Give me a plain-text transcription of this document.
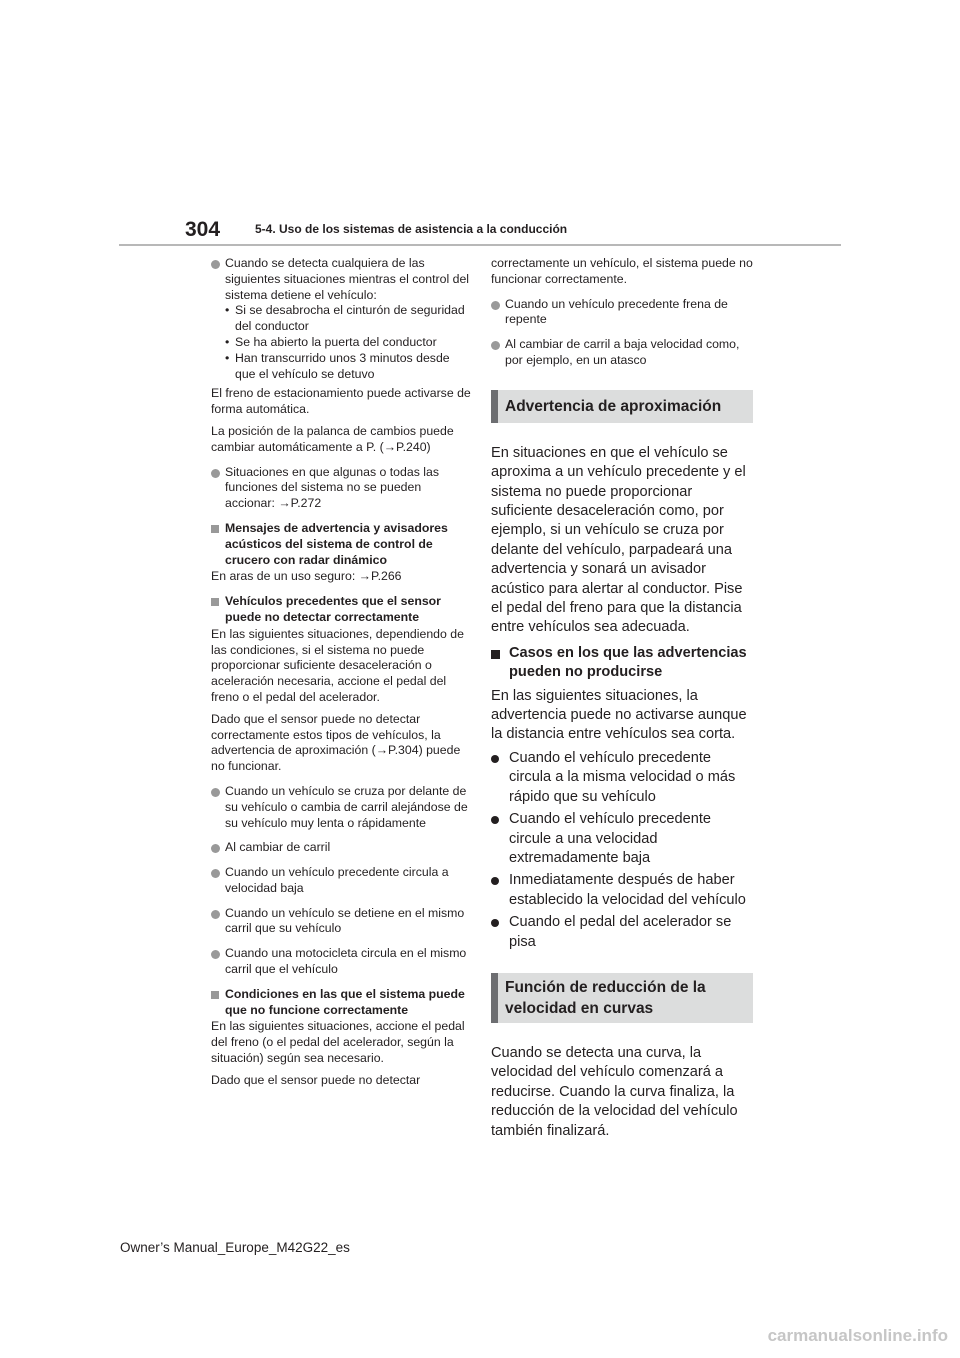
304	5-4. Uso de los sistemas de asistencia a la conducción
Cuando se detecta cualquiera de las siguientes situaciones mientras el control del sistema detiene el vehículo:
• Si se desabrocha el cinturón de seguridad del conductor
• Se ha abierto la puerta del conductor
• Han transcurrido unos 3 minutos desde que el vehículo se detuvo

El freno de estacionamiento puede activarse de forma automática.

La posición de la palanca de cambios puede cambiar automáticamente a P. (→P.240)

Situaciones en que algunas o todas las funciones del sistema no se pueden accionar: →P.272
Mensajes de advertencia y avisadores acústicos del sistema de control de crucero con radar dinámico

En aras de un uso seguro: →P.266

Vehículos precedentes que el sensor puede no detectar correctamente

En las siguientes situaciones, dependiendo de las condiciones, si el sistema no puede proporcionar suficiente desaceleración o aceleración necesaria, accione el pedal del freno o el pedal del acelerador.

Dado que el sensor puede no detectar correctamente estos tipos de vehículos, la advertencia de aproximación (→P.304) puede no funcionar.

Cuando un vehículo se cruza por delante de su vehículo o cambia de carril alejándose de su vehículo muy lenta o rápidamente
Al cambiar de carril
Cuando un vehículo precedente circula a velocidad baja
Cuando un vehículo se detiene en el mismo carril que su vehículo
Cuando una motocicleta circula en el mismo carril que el vehículo
Condiciones en las que el sistema puede que no funcione correctamente

En las siguientes situaciones, accione el pedal del freno (o el pedal del acelerador, según la situación) según sea necesario.

Dado que el sensor puede no detectar

correctamente un vehículo, el sistema puede no funcionar correctamente.

Cuando un vehículo precedente frena de repente
Al cambiar de carril a baja velocidad como, por ejemplo, en un atasco
Advertencia de aproximación

En situaciones en que el vehículo se aproxima a un vehículo precedente y el sistema no puede proporcionar suficiente desaceleración como, por ejemplo, si un vehículo se cruza por delante del vehículo, parpadeará una advertencia y sonará un avisador acústico para alertar al conductor. Pise el pedal del freno para que la distancia entre vehículos sea adecuada.

Casos en los que las advertencias pueden no producirse

En las siguientes situaciones, la advertencia puede no activarse aunque la distancia entre vehículos sea corta.

Cuando el vehículo precedente circula a la misma velocidad o más rápido que su vehículo
Cuando el vehículo precedente circule a una velocidad extremadamente baja
Inmediatamente después de haber establecido la velocidad del vehículo
Cuando el pedal del acelerador se pisa
Función de reducción de la velocidad en curvas

Cuando se detecta una curva, la velocidad del vehículo comenzará a reducirse. Cuando la curva finaliza, la reducción de la velocidad del vehículo también finalizará.

Owner’s Manual_Europe_M42G22_es
carmanualsonline.info
